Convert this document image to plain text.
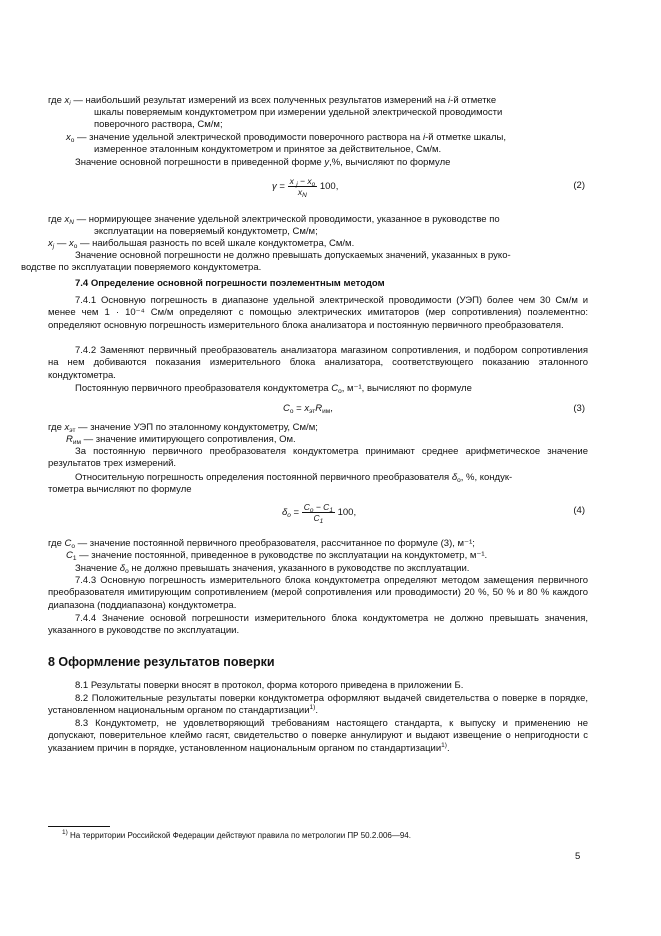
где $x_i$ — наибольший результат измерений из всех полученных результатов измерений на i-й отметке
шкалы поверяемым кондуктометром при измерении удельной электрической проводимости
поверочного раствора, См/м;
$x_о$ — значение удельной электрической проводимости поверочного раствора на i-й отметке шкалы,
измеренное эталонным кондуктометром и принятое за действительное, См/м.
Значение основной погрешности в приведенной форме y,%, вычисляют по формуле
$\gamma = \frac{x _j - x_o}{x_N} 100$,	(2)
где $x_N$ — нормирующее значение удельной электрической проводимости, указанное в руководстве по
эксплуатации на поверяемый кондуктометр, См/м;
$x_j$ — $x_о$ — наибольшая разность по всей шкале кондуктометра, См/м.
Значение основной погрешности не должно превышать допускаемых значений, указанных в руко-
водстве по эксплуатации поверяемого кондуктометра.
7.4 Определение основной погрешности поэлементным методом
7.4.1 Основную погрешность в диапазоне удельной электрической проводимости (УЭП) более чем 30 См/м и менее чем 1 · 10⁻⁴ См/м определяют с помощью электрических имитаторов (мер сопротивления) поэлементно: определяют основную погрешность измерительного блока анализатора и постоянную первичного преобразователя.
7.4.2 Заменяют первичный преобразователь анализатора магазином сопротивления, и подбором сопротивления на нем добиваются показания измерительного блока анализатора, соответствующего показанию эталонного кондуктометра.
Постоянную первичного преобразователя кондуктометра $C_о$, м⁻¹, вычисляют по формуле
$C_о = x_{эт}R_{им}$,	(3)
где $x_{эт}$ — значение УЭП по эталонному кондуктометру, См/м;
$R_{им}$ — значение имитирующего сопротивления, Ом.
За постоянную первичного преобразователя кондуктометра принимают среднее арифметическое значение результатов трех измерений.
Относительную погрешность определения постоянной первичного преобразователя $\delta_о$, %, кондук-
тометра вычисляют по формуле
$\delta_о = \frac{C_о - C_1}{C_1} 100$,	(4)
где $C_о$ — значение постоянной первичного преобразователя, рассчитанное по формуле (3), м⁻¹;
$C_1$ — значение постоянной, приведенное в руководстве по эксплуатации на кондуктометр, м⁻¹.
Значение $\delta_о$ не должно превышать значения, указанного в руководстве по эксплуатации.
7.4.3 Основную погрешность измерительного блока кондуктометра определяют методом замещения первичного преобразователя имитирующим сопротивлением (мерой сопротивления или проводимости) 20 %, 50 % и 80 % каждого диапазона (поддиапазона) кондуктометра.
7.4.4 Значение основой погрешности измерительного блока кондуктометра не должно превышать значения, указанного в руководстве по эксплуатации.
8 Оформление результатов поверки
8.1 Результаты поверки вносят в протокол, форма которого приведена в приложении Б.
8.2 Положительные результаты поверки кондуктометра оформляют выдачей свидетельства о поверке в порядке, установленном национальным органом по стандартизации$^{1)}$.
8.3 Кондуктометр, не удовлетворяющий требованиям настоящего стандарта, к выпуску и применению не допускают, поверительное клеймо гасят, свидетельство о поверке аннулируют и выдают извещение о непригодности с указанием причин в порядке, установленном национальным органом по стандартизации$^{1)}$.
$^{1)}$ На территории Российской Федерации действуют правила по метрологии ПР 50.2.006—94.
5
